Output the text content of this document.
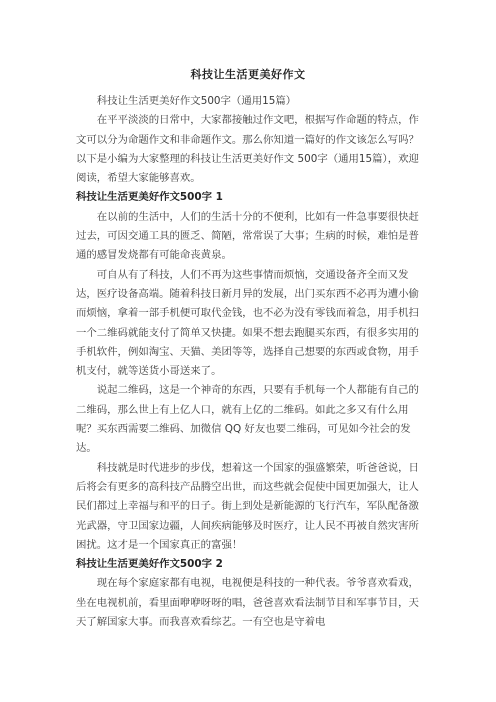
科技让生活更美好作文

科技让生活更美好作文500字（通用15篇）

在平平淡淡的日常中，大家都接触过作文吧，根据写作命题的特点，作文可以分为命题作文和非命题作文。那么你知道一篇好的作文该怎么写吗？以下是小编为大家整理的科技让生活更美好作文 500字（通用15篇），欢迎阅读，希望大家能够喜欢。

科技让生活更美好作文500字 1

在以前的生活中，人们的生活十分的不便利，比如有一件急事要很快赶过去，可因交通工具的匮乏、简陋，常常误了大事；生病的时候，难怕是普通的感冒发烧都有可能命丧黄泉。

可自从有了科技，人们不再为这些事情而烦恼，交通设备齐全而又发达，医疗设备高端。随着科技日新月异的发展，出门买东西不必再为遭小偷而烦恼，拿着一部手机便可取代金钱，也不必为没有零钱而着急，用手机扫一个二维码就能支付了简单又快捷。如果不想去跑腿买东西，有很多实用的手机软件，例如淘宝、天猫、美团等等，选择自己想要的东西或食物，用手机支付，就等送货小哥送来了。

说起二维码，这是一个神奇的东西，只要有手机每一个人都能有自己的二维码，那么世上有上亿人口，就有上亿的二维码。如此之多又有什么用呢？买东西需要二维码、加微信 QQ 好友也要二维码，可见如今社会的发达。

科技就是时代进步的步伐，想着这一个国家的强盛繁荣，听爸爸说，日后将会有更多的高科技产品腾空出世，而这些就会促使中国更加强大，让人民们都过上幸福与和平的日子。街上到处是新能源的飞行汽车，军队配备激光武器，守卫国家边疆，人间疾病能够及时医疗，让人民不再被自然灾害所困扰。这才是一个国家真正的富强！

科技让生活更美好作文500字 2

现在每个家庭家都有电视，电视便是科技的一种代表。爷爷喜欢看戏，坐在电视机前，看里面咿咿呀呀的唱，爸爸喜欢看法制节目和军事节目，天天了解国家大事。而我喜欢看综艺。一有空也是守着电
